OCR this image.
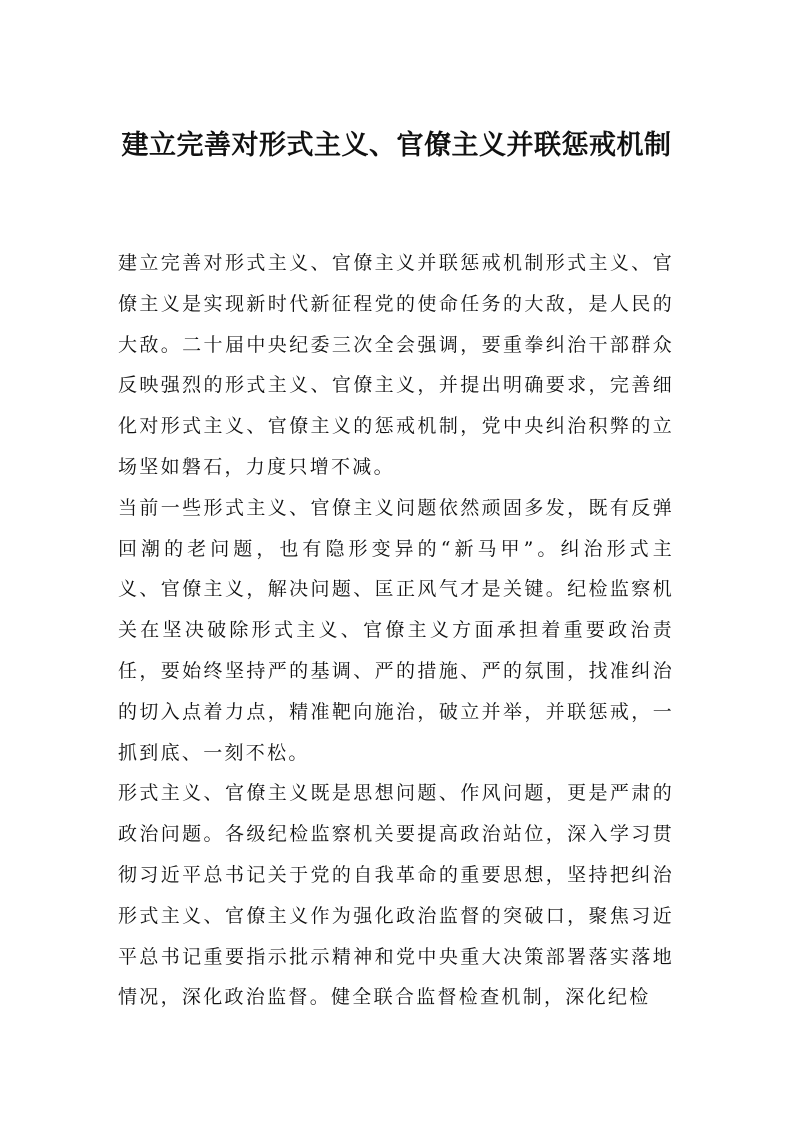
建立完善对形式主义、官僚主义并联惩戒机制

建立完善对形式主义、官僚主义并联惩戒机制形式主义、官僚主义是实现新时代新征程党的使命任务的大敌，是人民的大敌。二十届中央纪委三次全会强调，要重拳纠治干部群众反映强烈的形式主义、官僚主义，并提出明确要求，完善细化对形式主义、官僚主义的惩戒机制，党中央纠治积弊的立场坚如磐石，力度只增不减。

当前一些形式主义、官僚主义问题依然顽固多发，既有反弹回潮的老问题，也有隐形变异的“新马甲”。纠治形式主义、官僚主义，解决问题、匡正风气才是关键。纪检监察机关在坚决破除形式主义、官僚主义方面承担着重要政治责任，要始终坚持严的基调、严的措施、严的氛围，找准纠治的切入点着力点，精准靶向施治，破立并举，并联惩戒，一抓到底、一刻不松。

形式主义、官僚主义既是思想问题、作风问题，更是严肃的政治问题。各级纪检监察机关要提高政治站位，深入学习贯彻习近平总书记关于党的自我革命的重要思想，坚持把纠治形式主义、官僚主义作为强化政治监督的突破口，聚焦习近平总书记重要指示批示精神和党中央重大决策部署落实落地情况，深化政治监督。健全联合监督检查机制，深化纪检
